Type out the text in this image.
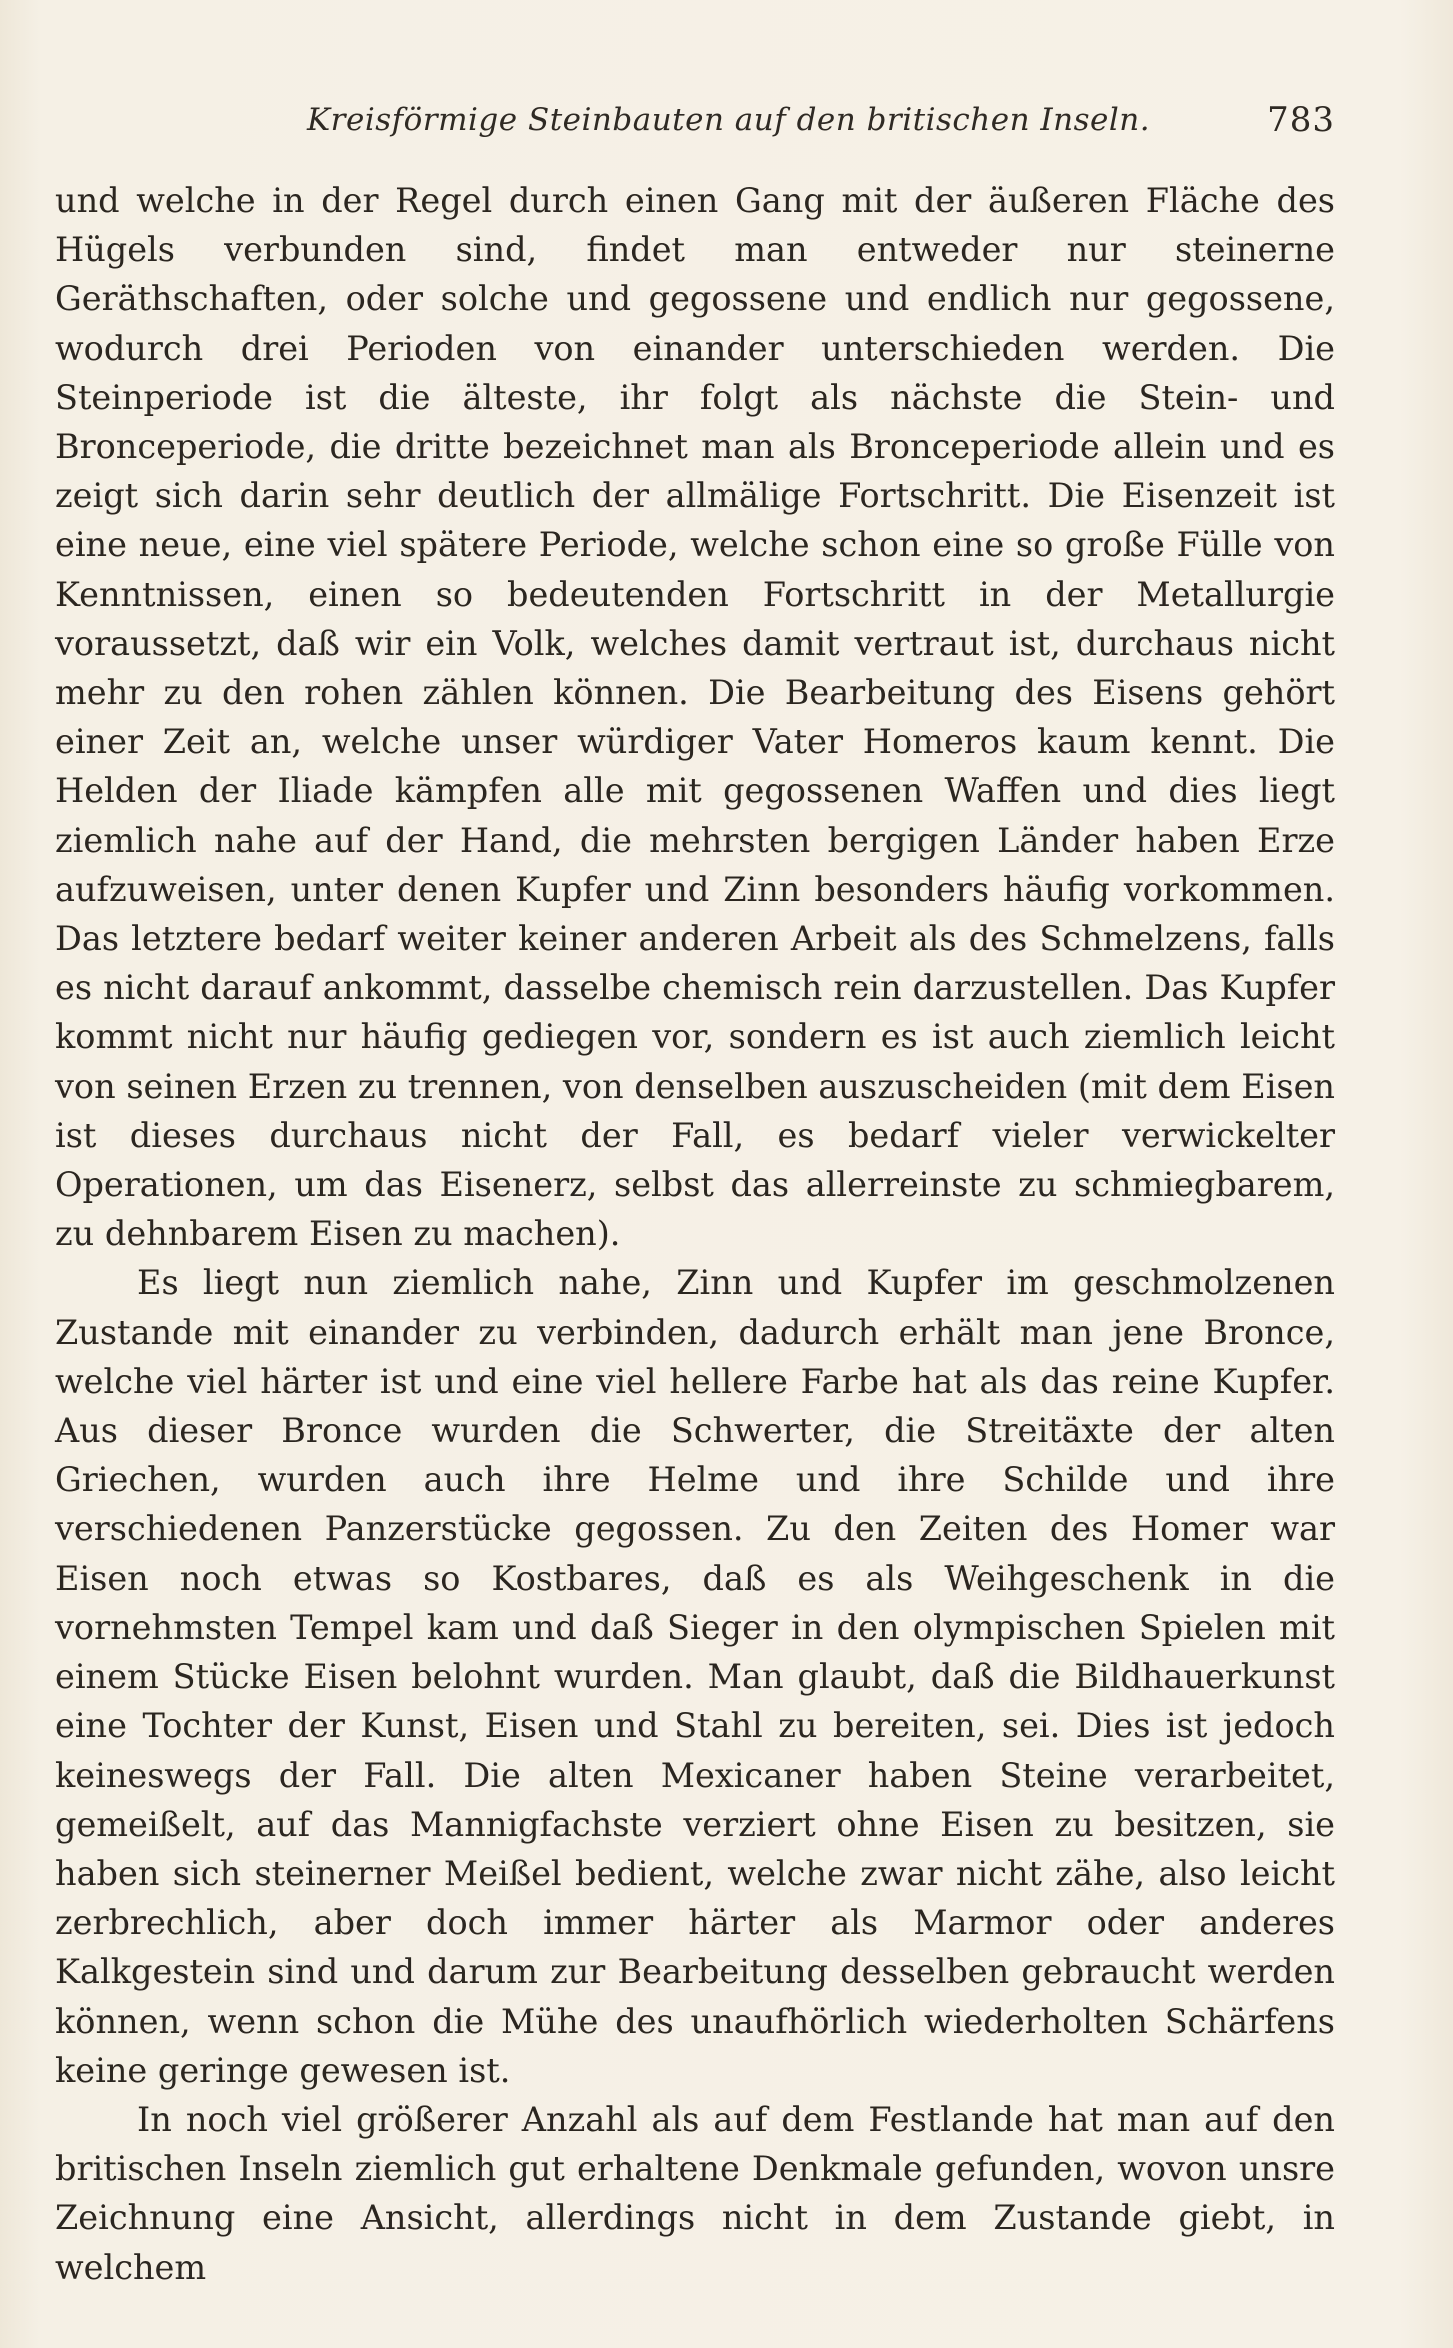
Kreisförmige Steinbauten auf den britischen Inseln.	783

und welche in der Regel durch einen Gang mit der äußeren Fläche des Hügels verbunden sind, findet man entweder nur steinerne Geräthschaften, oder solche und gegossene und endlich nur gegossene, wodurch drei Perioden von einander unterschieden werden. Die Steinperiode ist die älteste, ihr folgt als nächste die Stein- und Bronceperiode, die dritte bezeichnet man als Bronceperiode allein und es zeigt sich darin sehr deutlich der allmälige Fortschritt. Die Eisenzeit ist eine neue, eine viel spätere Periode, welche schon eine so große Fülle von Kenntnissen, einen so bedeutenden Fortschritt in der Metallurgie voraussetzt, daß wir ein Volk, welches damit vertraut ist, durchaus nicht mehr zu den rohen zählen können. Die Bearbeitung des Eisens gehört einer Zeit an, welche unser würdiger Vater Homeros kaum kennt. Die Helden der Iliade kämpfen alle mit gegossenen Waffen und dies liegt ziemlich nahe auf der Hand, die mehrsten bergigen Länder haben Erze aufzuweisen, unter denen Kupfer und Zinn besonders häufig vorkommen. Das letztere bedarf weiter keiner anderen Arbeit als des Schmelzens, falls es nicht darauf ankommt, dasselbe chemisch rein darzustellen. Das Kupfer kommt nicht nur häufig gediegen vor, sondern es ist auch ziemlich leicht von seinen Erzen zu trennen, von denselben auszuscheiden (mit dem Eisen ist dieses durchaus nicht der Fall, es bedarf vieler verwickelter Operationen, um das Eisenerz, selbst das allerreinste zu schmiegbarem, zu dehnbarem Eisen zu machen).

Es liegt nun ziemlich nahe, Zinn und Kupfer im geschmolzenen Zustande mit einander zu verbinden, dadurch erhält man jene Bronce, welche viel härter ist und eine viel hellere Farbe hat als das reine Kupfer. Aus dieser Bronce wurden die Schwerter, die Streitäxte der alten Griechen, wurden auch ihre Helme und ihre Schilde und ihre verschiedenen Panzerstücke gegossen. Zu den Zeiten des Homer war Eisen noch etwas so Kostbares, daß es als Weihgeschenk in die vornehmsten Tempel kam und daß Sieger in den olympischen Spielen mit einem Stücke Eisen belohnt wurden. Man glaubt, daß die Bildhauerkunst eine Tochter der Kunst, Eisen und Stahl zu bereiten, sei. Dies ist jedoch keineswegs der Fall. Die alten Mexicaner haben Steine verarbeitet, gemeißelt, auf das Mannigfachste verziert ohne Eisen zu besitzen, sie haben sich steinerner Meißel bedient, welche zwar nicht zähe, also leicht zerbrechlich, aber doch immer härter als Marmor oder anderes Kalkgestein sind und darum zur Bearbeitung desselben gebraucht werden können, wenn schon die Mühe des unaufhörlich wiederholten Schärfens keine geringe gewesen ist.

In noch viel größerer Anzahl als auf dem Festlande hat man auf den britischen Inseln ziemlich gut erhaltene Denkmale gefunden, wovon unsre Zeichnung eine Ansicht, allerdings nicht in dem Zustande giebt, in welchem
